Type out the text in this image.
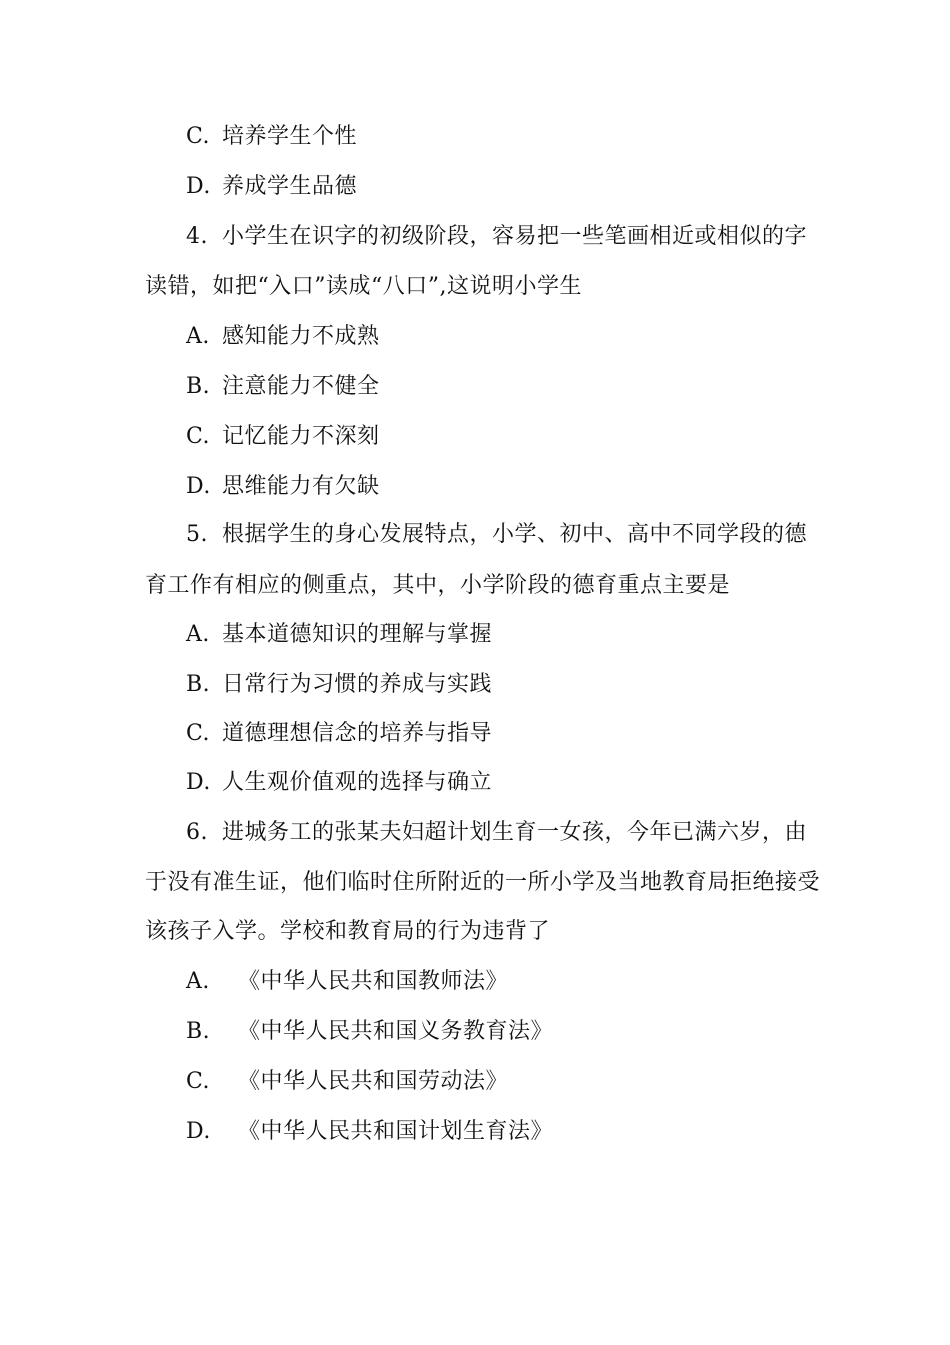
C. 培养学生个性
D. 养成学生品德
4. 小学生在识字的初级阶段，容易把一些笔画相近或相似的字
读错，如把“入口”读成“八口”,这说明小学生
A. 感知能力不成熟
B. 注意能力不健全
C. 记忆能力不深刻
D. 思维能力有欠缺
5. 根据学生的身心发展特点，小学、初中、高中不同学段的德
育工作有相应的侧重点，其中，小学阶段的德育重点主要是
A. 基本道德知识的理解与掌握
B. 日常行为习惯的养成与实践
C. 道德理想信念的培养与指导
D. 人生观价值观的选择与确立
6. 进城务工的张某夫妇超计划生育一女孩，今年已满六岁，由
于没有准生证，他们临时住所附近的一所小学及当地教育局拒绝接受
该孩子入学。学校和教育局的行为违背了
A. 《中华人民共和国教师法》
B. 《中华人民共和国义务教育法》
C. 《中华人民共和国劳动法》
D. 《中华人民共和国计划生育法》
